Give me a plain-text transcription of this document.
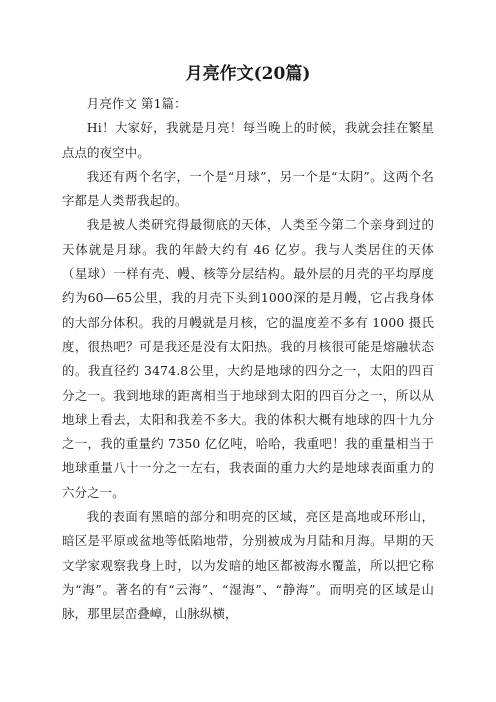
月亮作文(20篇)
月亮作文 第1篇：
Hi！大家好，我就是月亮！每当晚上的时候，我就会挂在繁星点点的夜空中。
我还有两个名字，一个是“月球”，另一个是“太阴”。这两个名字都是人类帮我起的。
我是被人类研究得最彻底的天体，人类至今第二个亲身到过的天体就是月球。我的年龄大约有 46 亿岁。我与人类居住的天体（星球）一样有壳、幔、核等分层结构。最外层的月壳的平均厚度约为60—65公里，我的月壳下头到1000深的是月幔，它占我身体的大部分体积。我的月幔就是月核，它的温度差不多有 1000 摄氏度，很热吧？可是我还是没有太阳热。我的月核很可能是熔融状态的。我直径约 3474.8公里，大约是地球的四分之一，太阳的四百分之一。我到地球的距离相当于地球到太阳的四百分之一，所以从地球上看去，太阳和我差不多大。我的体积大概有地球的四十九分之一，我的重量约 7350 亿亿吨，哈哈，我重吧！我的重量相当于地球重量八十一分之一左右，我表面的重力大约是地球表面重力的六分之一。
我的表面有黑暗的部分和明亮的区域，亮区是高地或环形山，暗区是平原或盆地等低陷地带，分别被成为月陆和月海。早期的天文学家观察我身上时，以为发暗的地区都被海水覆盖，所以把它称为“海”。著名的有“云海”、“湿海”、“静海”。而明亮的区域是山脉，那里层峦叠嶂，山脉纵横，
